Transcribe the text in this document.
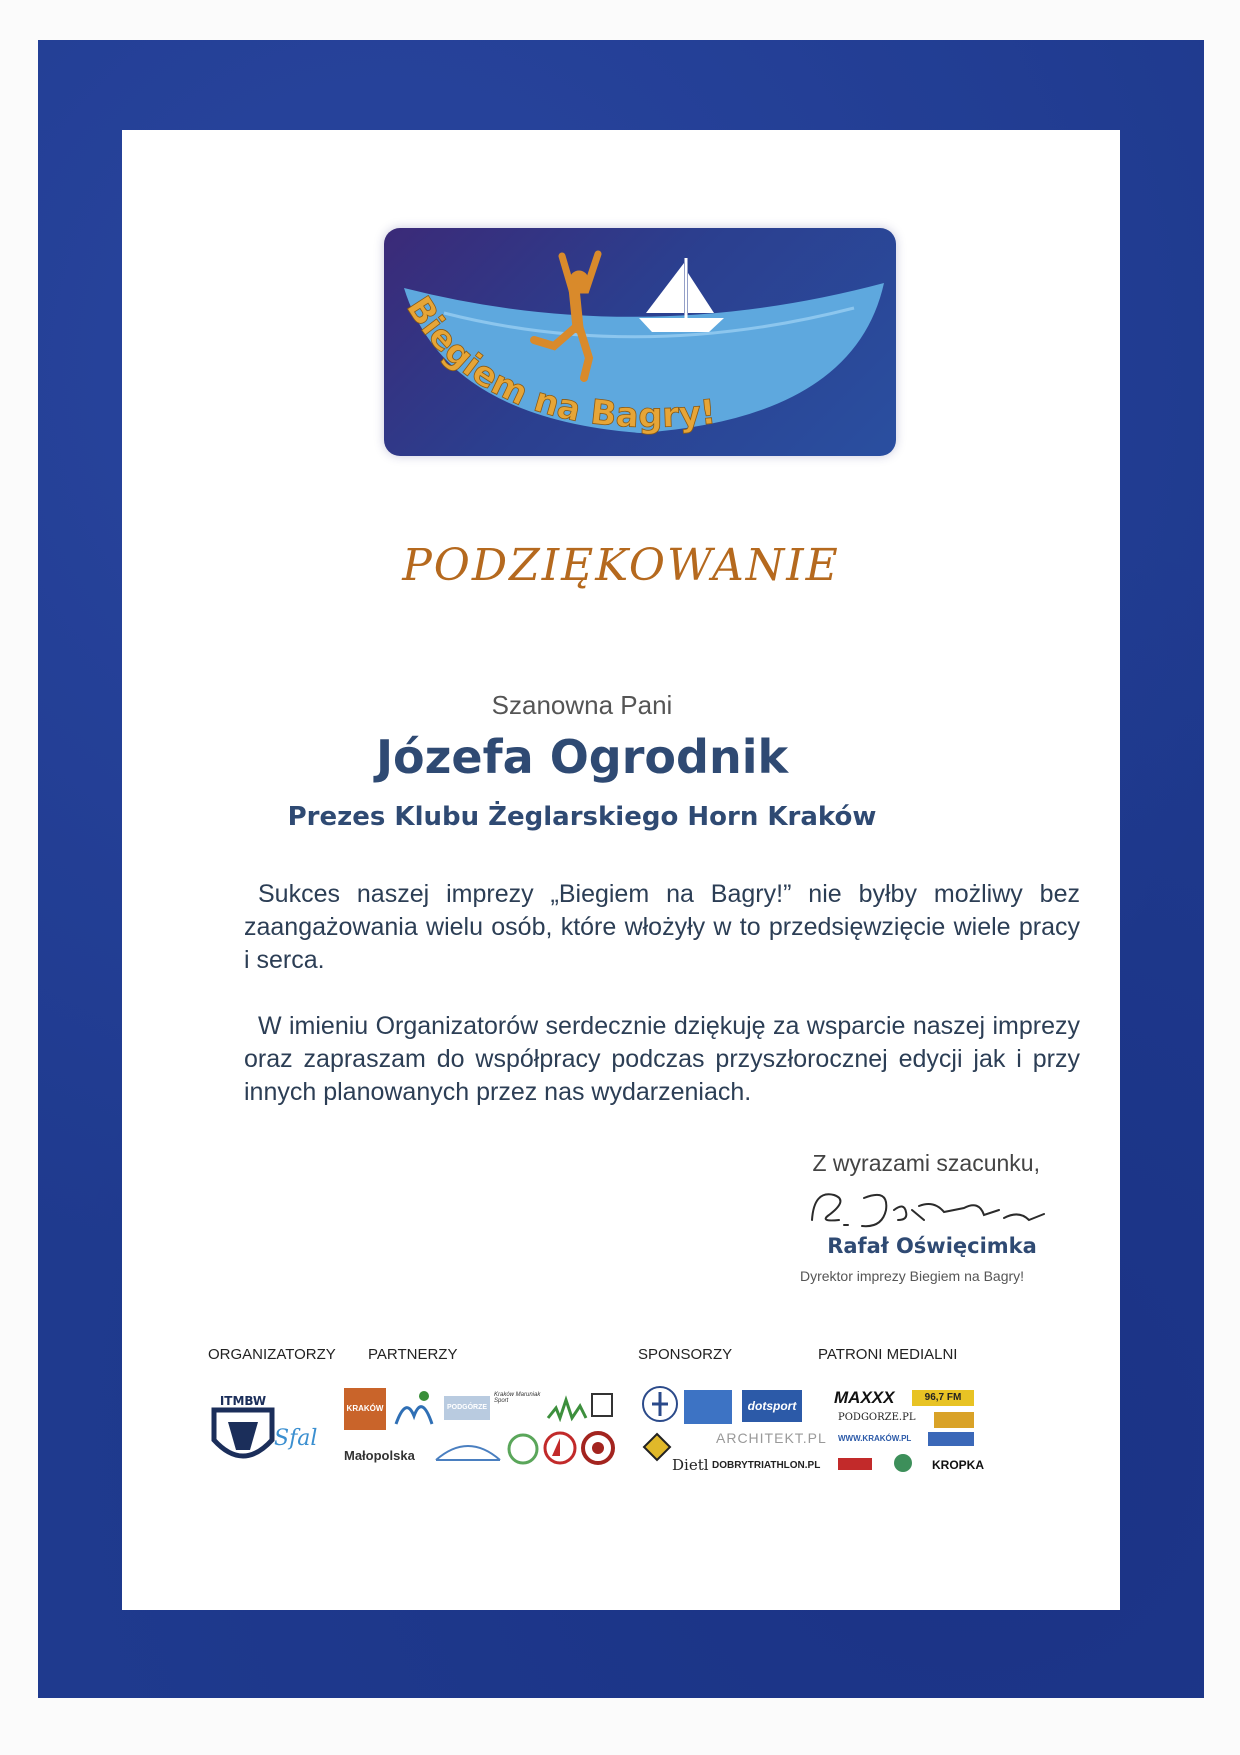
Biegiem na Bagry!
PODZIĘKOWANIE
Szanowna Pani
Józefa Ogrodnik
Prezes Klubu Żeglarskiego Horn Kraków
Sukces naszej imprezy „Biegiem na Bagry!” nie byłby możliwy bez zaangażowania wielu osób, które włożyły w to przedsięwzięcie wiele pracy i serca.
W imieniu Organizatorów serdecznie dziękuję za wsparcie naszej imprezy oraz zapraszam do współpracy podczas przyszłorocznej edycji jak i przy innych planowanych przez nas wydarzeniach.
Z wyrazami szacunku,
Rafał Oświęcimka
Dyrektor imprezy Biegiem na Bagry!
ORGANIZATORZY PARTNERZY	SPONSORZY	PATRONI MEDIALNI
ITMBW
Sfal
KRAKÓW	PODGÓRZE
Kraków Maruniak Sport
Małopolska
dotsport
ARCHITEKT.PL
Dietl DOBRYTRIATHLON.PL
MAXXX	96,7 FM
PODGORZE.PL
WWW.KRAKÓW.PL
KROPKA
